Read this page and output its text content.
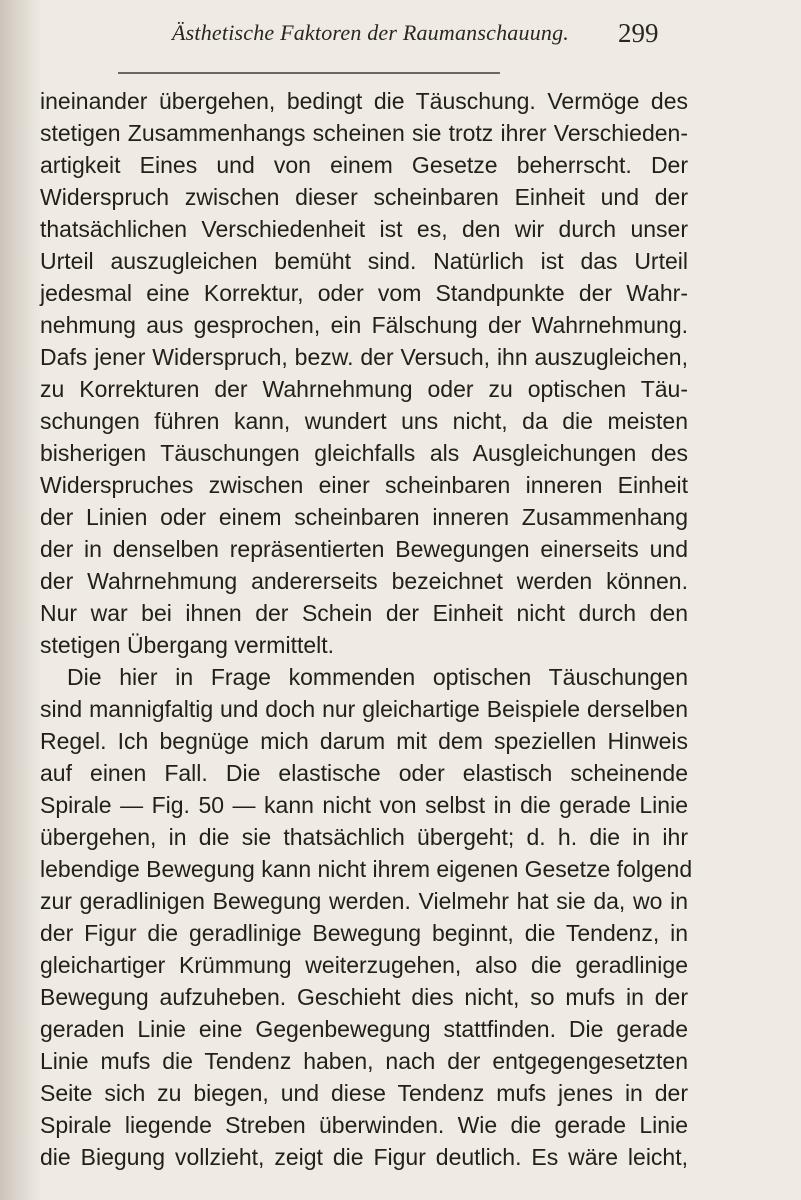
Ästhetische Faktoren der Raumanschauung. 299
ineinander übergehen, bedingt die Täuschung. Vermöge des
stetigen Zusammenhangs scheinen sie trotz ihrer Verschieden-
artigkeit Eines und von einem Gesetze beherrscht. Der
Widerspruch zwischen dieser scheinbaren Einheit und der
thatsächlichen Verschiedenheit ist es, den wir durch unser
Urteil auszugleichen bemüht sind. Natürlich ist das Urteil
jedesmal eine Korrektur, oder vom Standpunkte der Wahr-
nehmung aus gesprochen, ein Fälschung der Wahrnehmung.
Dafs jener Widerspruch, bezw. der Versuch, ihn auszugleichen,
zu Korrekturen der Wahrnehmung oder zu optischen Täu-
schungen führen kann, wundert uns nicht, da die meisten
bisherigen Täuschungen gleichfalls als Ausgleichungen des
Widerspruches zwischen einer scheinbaren inneren Einheit
der Linien oder einem scheinbaren inneren Zusammenhang
der in denselben repräsentierten Bewegungen einerseits und
der Wahrnehmung andererseits bezeichnet werden können.
Nur war bei ihnen der Schein der Einheit nicht durch den
stetigen Übergang vermittelt.
Die hier in Frage kommenden optischen Täuschungen
sind mannigfaltig und doch nur gleichartige Beispiele derselben
Regel. Ich begnüge mich darum mit dem speziellen Hinweis
auf einen Fall. Die elastische oder elastisch scheinende
Spirale — Fig. 50 — kann nicht von selbst in die gerade Linie
übergehen, in die sie thatsächlich übergeht; d. h. die in ihr
lebendige Bewegung kann nicht ihrem eigenen Gesetze folgend
zur geradlinigen Bewegung werden. Vielmehr hat sie da, wo in
der Figur die geradlinige Bewegung beginnt, die Tendenz, in
gleichartiger Krümmung weiterzugehen, also die geradlinige
Bewegung aufzuheben. Geschieht dies nicht, so mufs in der
geraden Linie eine Gegenbewegung stattfinden. Die gerade
Linie mufs die Tendenz haben, nach der entgegengesetzten
Seite sich zu biegen, und diese Tendenz mufs jenes in der
Spirale liegende Streben überwinden. Wie die gerade Linie
die Biegung vollzieht, zeigt die Figur deutlich. Es wäre leicht,
